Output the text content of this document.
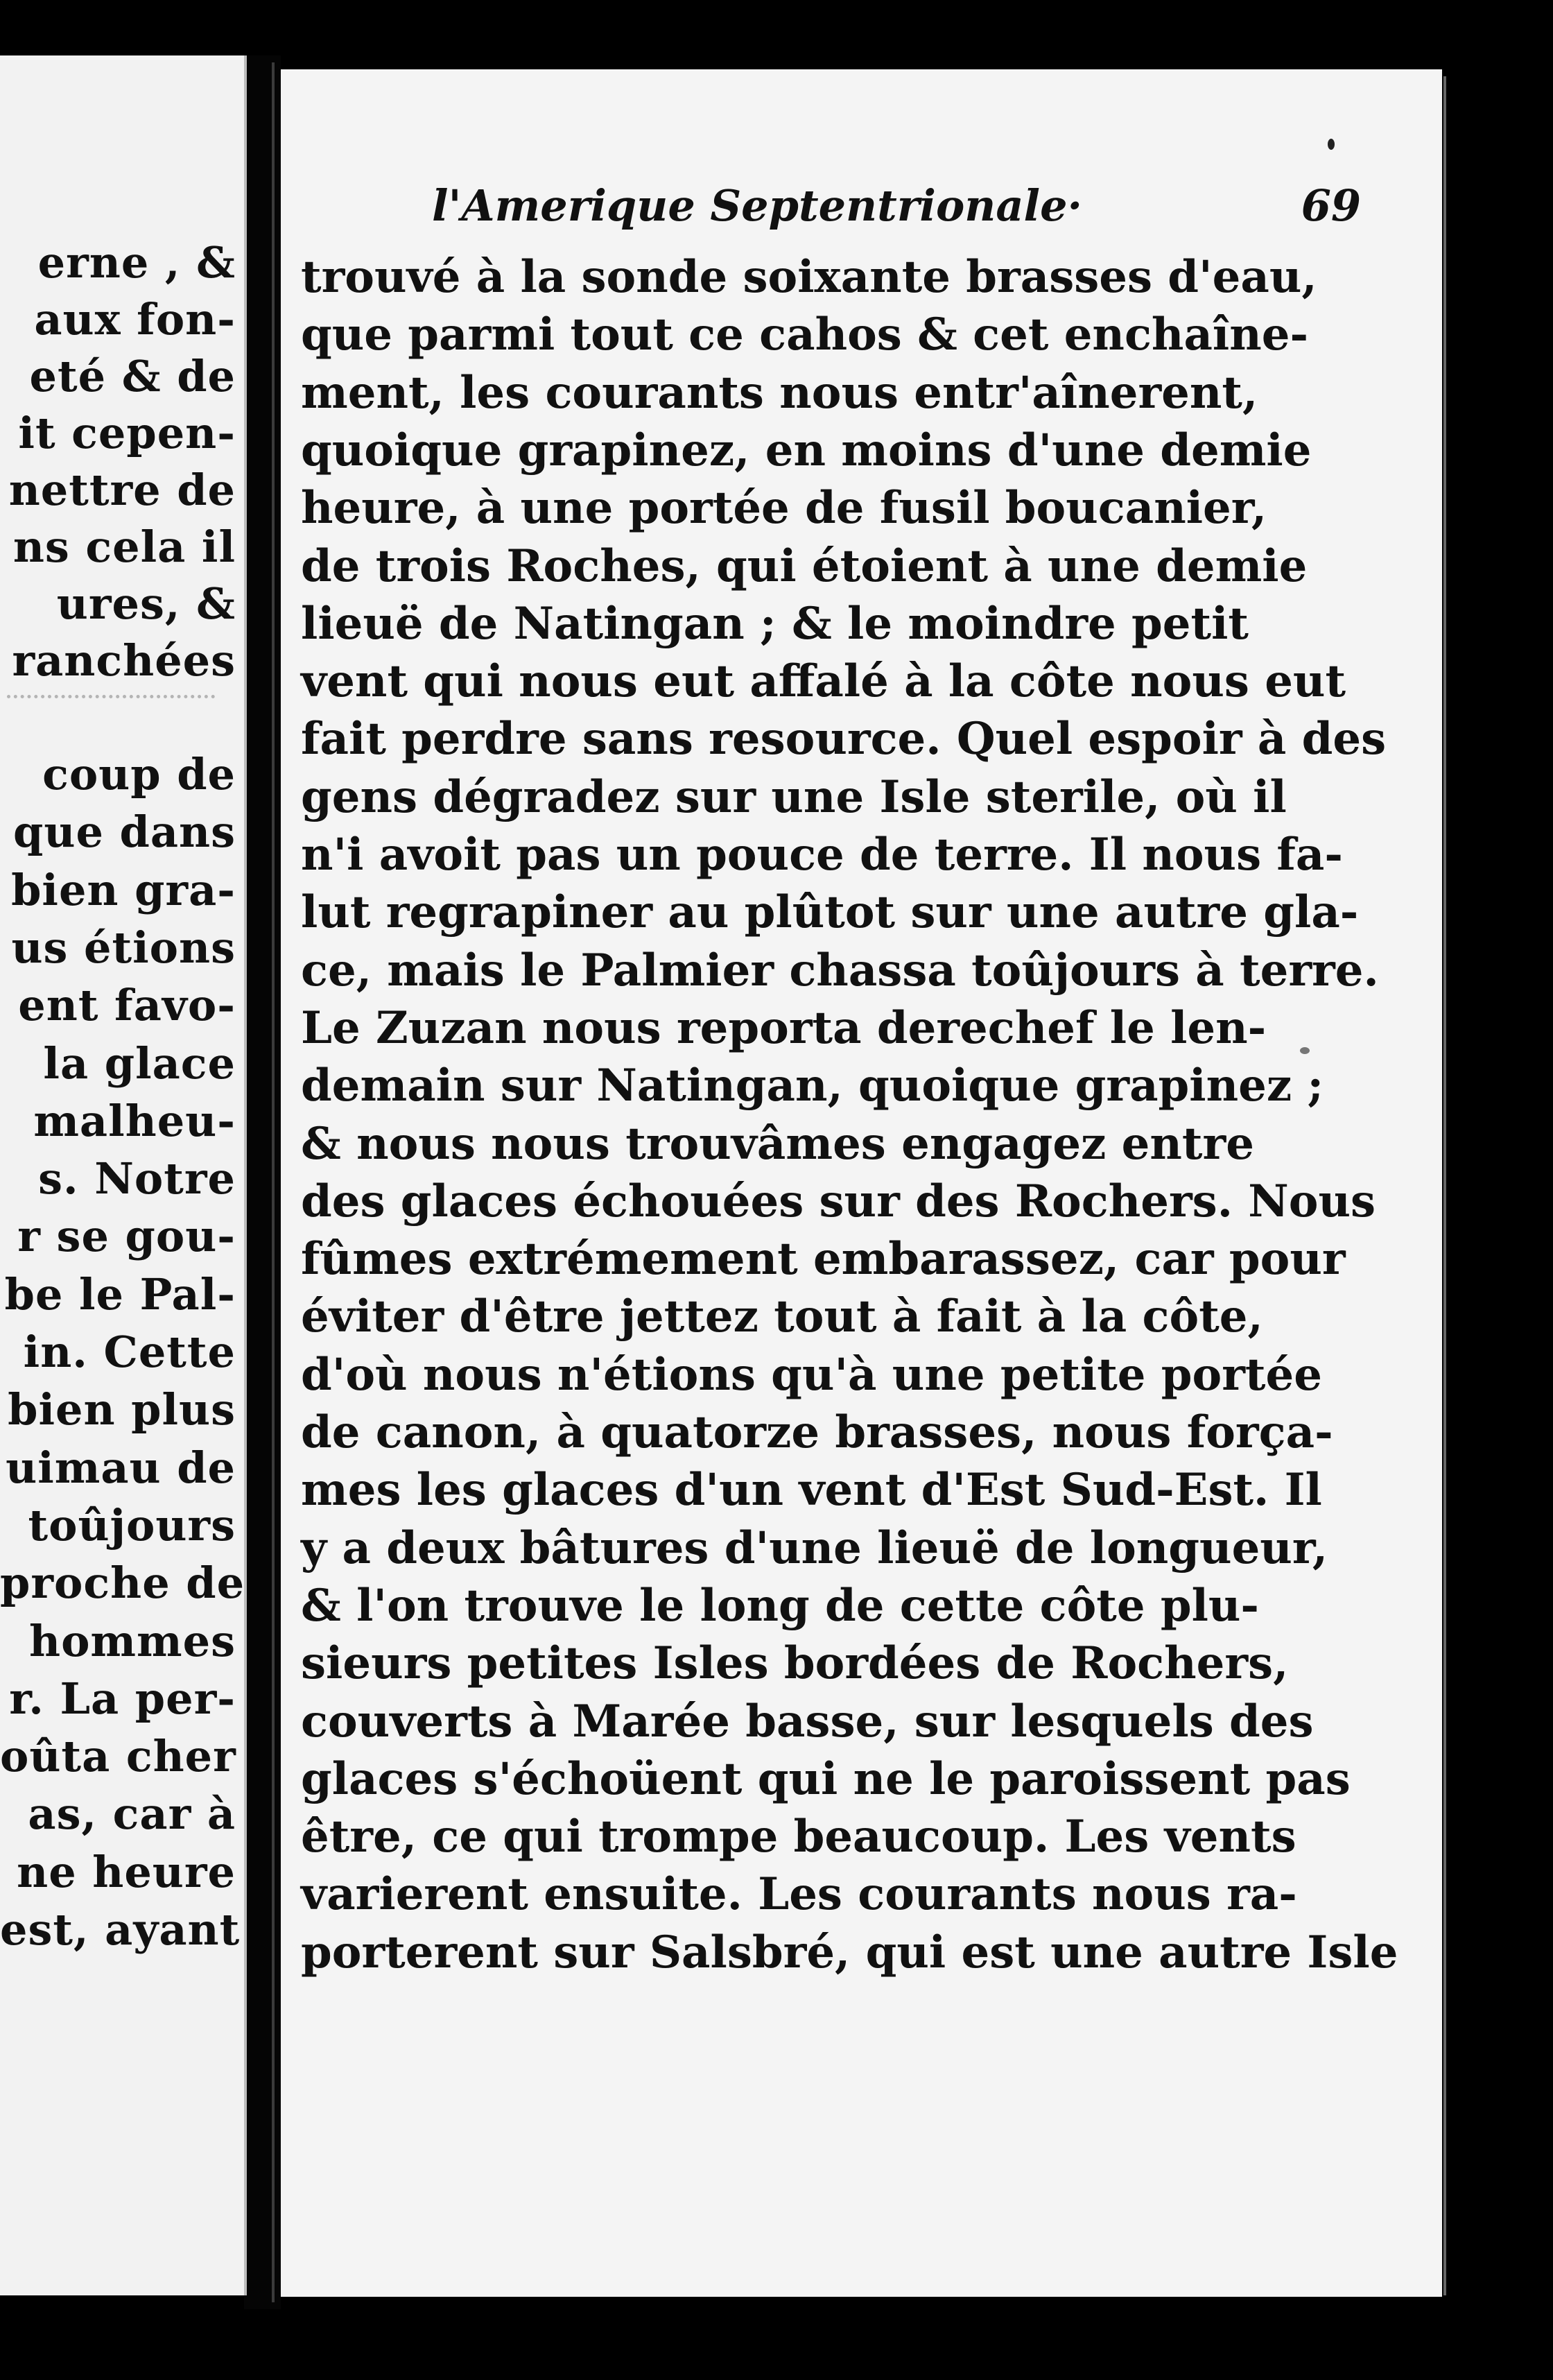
erne , &
aux fon-
eté & de
it cepen-
nettre de
ns cela il
ures, &
ranchées
coup de
que dans
bien gra-
us étions
ent favo-
la glace
malheu-
s. Notre
r se gou-
be le Pal-
in. Cette
bien plus
uimau de
toûjours
proche de
hommes
r. La per-
oûta cher
as, car à
ne heure
est, ayant
l'Amerique Septentrionale·	69
trouvé à la sonde soixante brasses d'eau,
que parmi tout ce cahos & cet enchaîne-
ment, les courants nous entr'aînerent,
quoique grapinez, en moins d'une demie
heure, à une portée de fusil boucanier,
de trois Roches, qui étoient à une demie
lieuë de Natingan ; & le moindre petit
vent qui nous eut affalé à la côte nous eut
fait perdre sans resource. Quel espoir à des
gens dégradez sur une Isle sterile, où il
n'i avoit pas un pouce de terre. Il nous fa-
lut regrapiner au plûtot sur une autre gla-
ce, mais le Palmier chassa toûjours à terre.
Le Zuzan nous reporta derechef le len-
demain sur Natingan, quoique grapinez ;
& nous nous trouvâmes engagez entre
des glaces échouées sur des Rochers. Nous
fûmes extrémement embarassez, car pour
éviter d'être jettez tout à fait à la côte,
d'où nous n'étions qu'à une petite portée
de canon, à quatorze brasses, nous força-
mes les glaces d'un vent d'Est Sud-Est. Il
y a deux bâtures d'une lieuë de longueur,
& l'on trouve le long de cette côte plu-
sieurs petites Isles bordées de Rochers,
couverts à Marée basse, sur lesquels des
glaces s'échoüent qui ne le paroissent pas
être, ce qui trompe beaucoup. Les vents
varierent ensuite. Les courants nous ra-
porterent sur Salsbré, qui est une autre Isle
